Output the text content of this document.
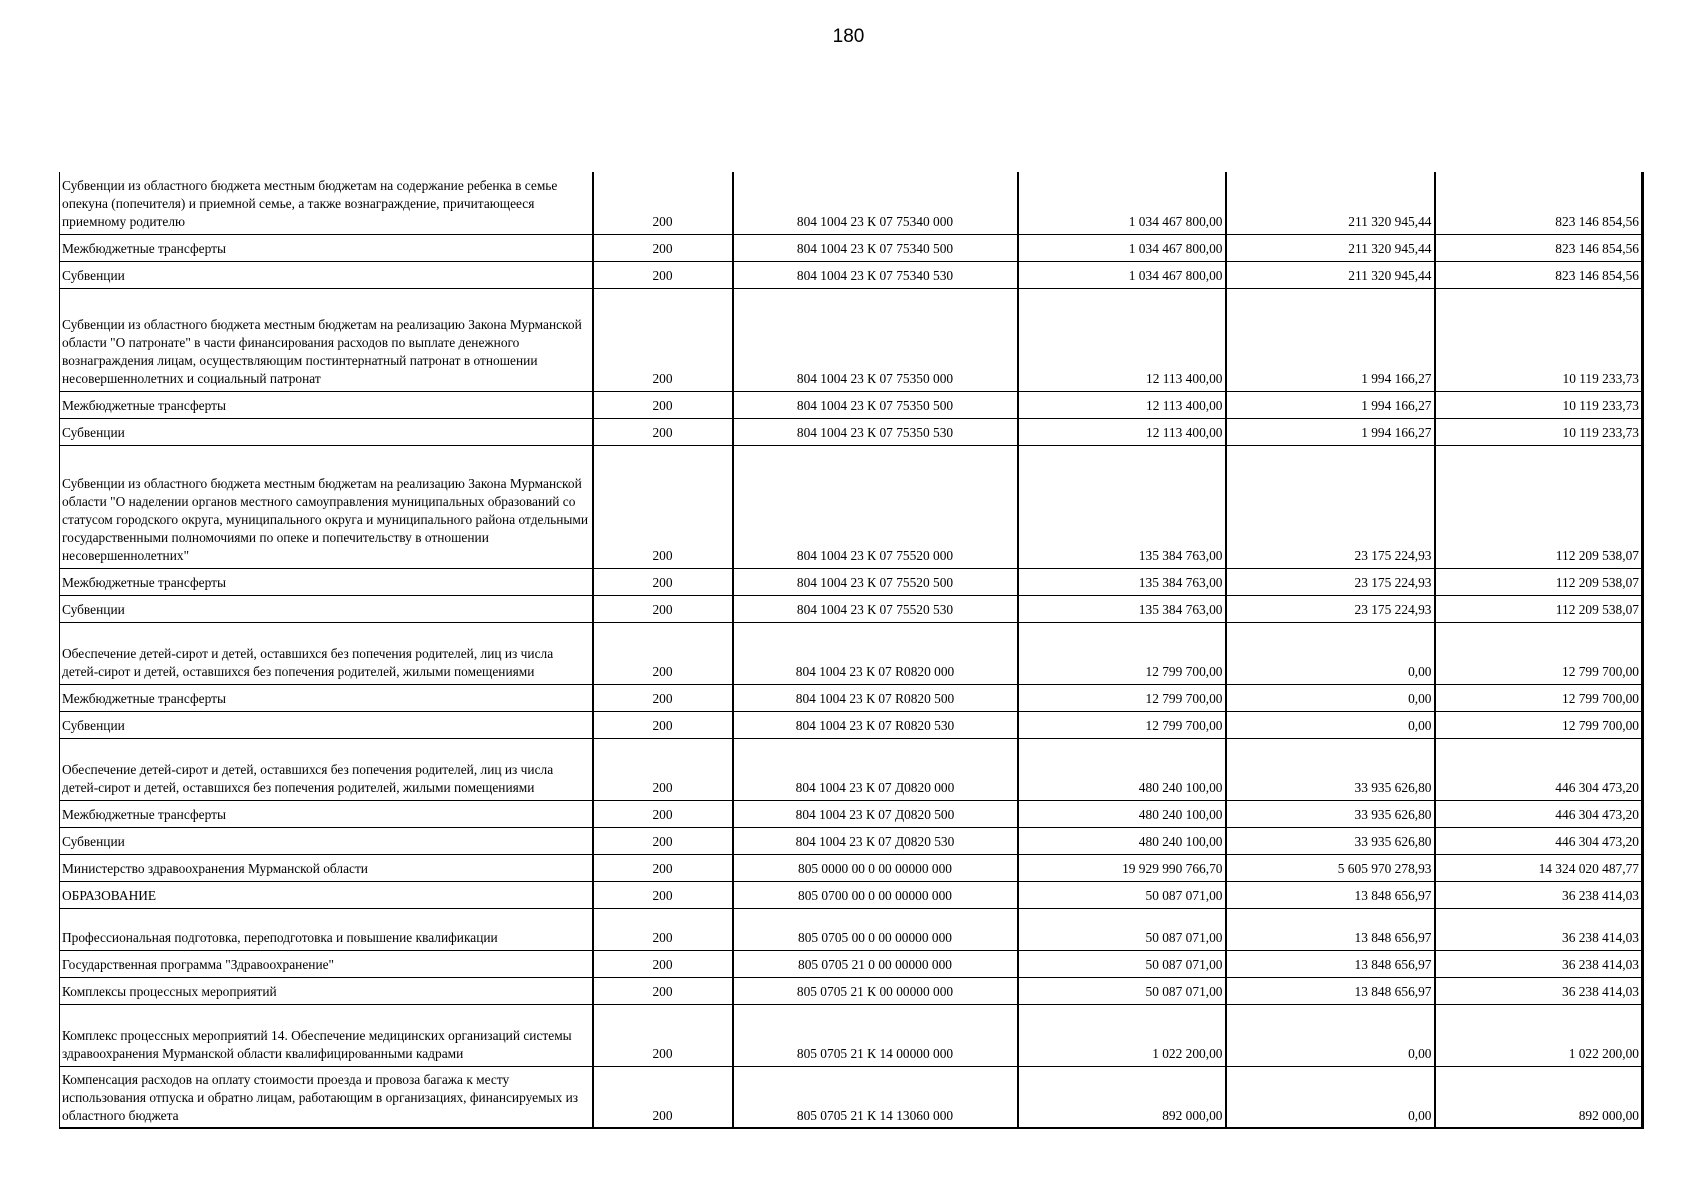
180
Субвенции из областного бюджета местным бюджетам на содержание ребенка в семье опекуна (попечителя) и приемной семье, а также вознаграждение, причитающееся приемному родителю	200	804 1004 23 К 07 75340 000	1 034 467 800,00	211 320 945,44	823 146 854,56
Межбюджетные трансферты	200	804 1004 23 К 07 75340 500	1 034 467 800,00	211 320 945,44	823 146 854,56
Субвенции	200	804 1004 23 К 07 75340 530	1 034 467 800,00	211 320 945,44	823 146 854,56
Субвенции из областного бюджета местным бюджетам на реализацию Закона Мурманской области "О патронате" в части финансирования расходов по выплате денежного вознаграждения лицам, осуществляющим постинтернатный патронат в отношении несовершеннолетних и социальный патронат	200	804 1004 23 К 07 75350 000	12 113 400,00	1 994 166,27	10 119 233,73
Межбюджетные трансферты	200	804 1004 23 К 07 75350 500	12 113 400,00	1 994 166,27	10 119 233,73
Субвенции	200	804 1004 23 К 07 75350 530	12 113 400,00	1 994 166,27	10 119 233,73
Субвенции из областного бюджета местным бюджетам на реализацию Закона Мурманской области "О наделении органов местного самоуправления муниципальных образований со статусом городского округа, муниципального округа и муниципального района отдельными государственными полномочиями по опеке и попечительству в отношении несовершеннолетних"	200	804 1004 23 К 07 75520 000	135 384 763,00	23 175 224,93	112 209 538,07
Межбюджетные трансферты	200	804 1004 23 К 07 75520 500	135 384 763,00	23 175 224,93	112 209 538,07
Субвенции	200	804 1004 23 К 07 75520 530	135 384 763,00	23 175 224,93	112 209 538,07
Обеспечение детей-сирот и детей, оставшихся без попечения родителей, лиц из числа детей-сирот и детей, оставшихся без попечения родителей, жилыми помещениями	200	804 1004 23 К 07 R0820 000	12 799 700,00	0,00	12 799 700,00
Межбюджетные трансферты	200	804 1004 23 К 07 R0820 500	12 799 700,00	0,00	12 799 700,00
Субвенции	200	804 1004 23 К 07 R0820 530	12 799 700,00	0,00	12 799 700,00
Обеспечение детей-сирот и детей, оставшихся без попечения родителей, лиц из числа детей-сирот и детей, оставшихся без попечения родителей, жилыми помещениями	200	804 1004 23 К 07 Д0820 000	480 240 100,00	33 935 626,80	446 304 473,20
Межбюджетные трансферты	200	804 1004 23 К 07 Д0820 500	480 240 100,00	33 935 626,80	446 304 473,20
Субвенции	200	804 1004 23 К 07 Д0820 530	480 240 100,00	33 935 626,80	446 304 473,20
Министерство здравоохранения Мурманской области	200	805 0000 00 0 00 00000 000	19 929 990 766,70	5 605 970 278,93	14 324 020 487,77
ОБРАЗОВАНИЕ	200	805 0700 00 0 00 00000 000	50 087 071,00	13 848 656,97	36 238 414,03
Профессиональная подготовка, переподготовка и повышение квалификации	200	805 0705 00 0 00 00000 000	50 087 071,00	13 848 656,97	36 238 414,03
Государственная программа "Здравоохранение"	200	805 0705 21 0 00 00000 000	50 087 071,00	13 848 656,97	36 238 414,03
Комплексы процессных мероприятий	200	805 0705 21 К 00 00000 000	50 087 071,00	13 848 656,97	36 238 414,03
Комплекс процессных мероприятий 14. Обеспечение медицинских организаций системы здравоохранения Мурманской области квалифицированными кадрами	200	805 0705 21 К 14 00000 000	1 022 200,00	0,00	1 022 200,00
Компенсация расходов на оплату стоимости проезда и провоза багажа к месту использования отпуска и обратно лицам, работающим в организациях, финансируемых из областного бюджета	200	805 0705 21 К 14 13060 000	892 000,00	0,00	892 000,00
